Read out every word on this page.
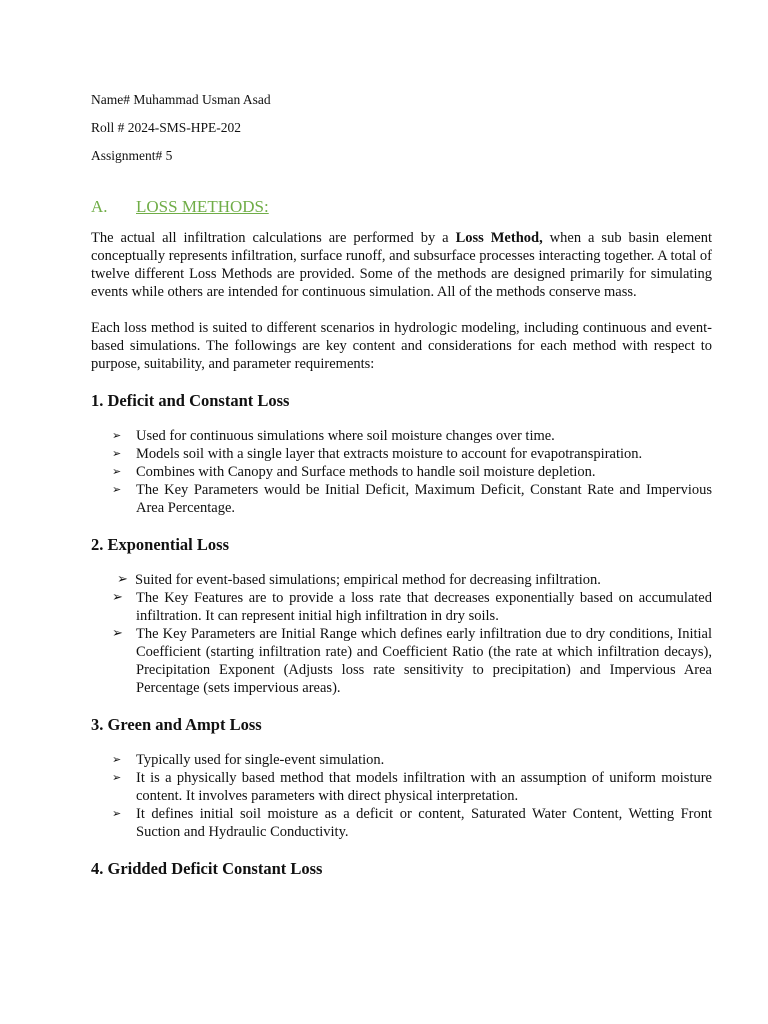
Name# Muhammad Usman Asad

Roll # 2024-SMS-HPE-202

Assignment# 5

A.	LOSS METHODS:

The actual all infiltration calculations are performed by a Loss Method, when a sub basin element conceptually represents infiltration, surface runoff, and subsurface processes interacting together. A total of twelve different Loss Methods are provided. Some of the methods are designed primarily for simulating events while others are intended for continuous simulation. All of the methods conserve mass.

Each loss method is suited to different scenarios in hydrologic modeling, including continuous and event-based simulations. The followings are key content and considerations for each method with respect to purpose, suitability, and parameter requirements:

1. Deficit and Constant Loss
➢ Used for continuous simulations where soil moisture changes over time.
➢ Models soil with a single layer that extracts moisture to account for evapotranspiration.
➢ Combines with Canopy and Surface methods to handle soil moisture depletion.
➢ The Key Parameters would be Initial Deficit, Maximum Deficit, Constant Rate and Impervious Area Percentage.
2. Exponential Loss
➢ Suited for event-based simulations; empirical method for decreasing infiltration.
➢ The Key Features are to provide a loss rate that decreases exponentially based on accumulated infiltration. It can represent initial high infiltration in dry soils.
➢ The Key Parameters are Initial Range which defines early infiltration due to dry conditions, Initial Coefficient (starting infiltration rate) and Coefficient Ratio (the rate at which infiltration decays), Precipitation Exponent (Adjusts loss rate sensitivity to precipitation) and Impervious Area Percentage (sets impervious areas).
3. Green and Ampt Loss
➢ Typically used for single-event simulation.
➢ It is a physically based method that models infiltration with an assumption of uniform moisture content. It involves parameters with direct physical interpretation.
➢ It defines initial soil moisture as a deficit or content, Saturated Water Content, Wetting Front Suction and Hydraulic Conductivity.
4. Gridded Deficit Constant Loss
